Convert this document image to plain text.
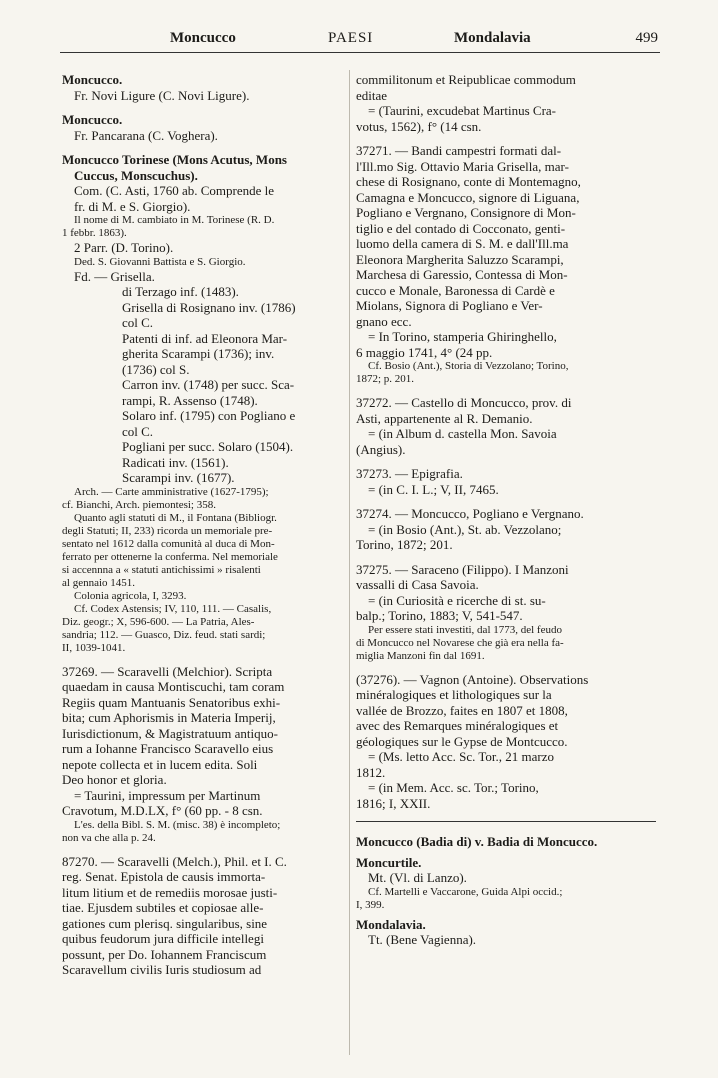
Moncucco	PAESI	Mondalavia	499

Moncucco.

Fr. Novi Ligure (C. Novi Ligure).

Moncucco.

Fr. Pancarana (C. Voghera).

Moncucco Torinese (Mons Acutus, Mons

Cuccus, Monscuchus).

Com. (C. Asti, 1760 ab. Comprende le

fr. di M. e S. Giorgio).

Il nome di M. cambiato in M. Torinese (R. D.

1 febbr. 1863).

2 Parr. (D. Torino).

Ded. S. Giovanni Battista e S. Giorgio.

Fd. — Grisella.

di Terzago inf. (1483).

Grisella di Rosignano inv. (1786)

col C.

Patenti di inf. ad Eleonora Mar-

gherita Scarampi (1736); inv.

(1736) col S.

Carron inv. (1748) per succ. Sca-

rampi, R. Assenso (1748).

Solaro inf. (1795) con Pogliano e

col C.

Pogliani per succ. Solaro (1504).

Radicati inv. (1561).

Scarampi inv. (1677).

Arch. — Carte amministrative (1627-1795);

cf. Bianchi, Arch. piemontesi; 358.

Quanto agli statuti di M., il Fontana (Bibliogr.

degli Statuti; II, 233) ricorda un memoriale pre-

sentato nel 1612 dalla comunità al duca di Mon-

ferrato per ottenerne la conferma. Nel memoriale

si accennna a « statuti antichissimi » risalenti

al gennaio 1451.

Colonia agricola, I, 3293.

Cf. Codex Astensis; IV, 110, 111. — Casalis,

Diz. geogr.; X, 596-600. — La Patria, Ales-

sandria; 112. — Guasco, Diz. feud. stati sardi;

II, 1039-1041.

37269. — Scaravelli (Melchior). Scripta

quaedam in causa Montiscuchi, tam coram

Regiis quam Mantuanis Senatoribus exhi-

bita; cum Aphorismis in Materia Imperij,

Iurisdictionum, & Magistratuum antiquo-

rum a Iohanne Francisco Scaravello eius

nepote collecta et in lucem edita. Soli

Deo honor et gloria.

= Taurini, impressum per Martinum

Cravotum, M.D.LX, f° (60 pp. - 8 csn.

L'es. della Bibl. S. M. (misc. 38) è incompleto;

non va che alla p. 24.

87270. — Scaravelli (Melch.), Phil. et I. C.

reg. Senat. Epistola de causis immorta-

litum litium et de remediis morosae justi-

tiae. Ejusdem subtiles et copiosae alle-

gationes cum plerisq. singularibus, sine

quibus feudorum jura difficile intellegi

possunt, per Do. Iohannem Franciscum

Scaravellum civilis Iuris studiosum ad

commilitonum et Reipublicae commodum

editae

= (Taurini, excudebat Martinus Cra-

votus, 1562), f° (14 csn.

37271. — Bandi campestri formati dal-

l'Ill.mo Sig. Ottavio Maria Grisella, mar-

chese di Rosignano, conte di Montemagno,

Camagna e Moncucco, signore di Liguana,

Pogliano e Vergnano, Consignore di Mon-

tiglio e del contado di Cocconato, genti-

luomo della camera di S. M. e dall'Ill.ma

Eleonora Margherita Saluzzo Scarampi,

Marchesa di Garessio, Contessa di Mon-

cucco e Monale, Baronessa di Cardè e

Miolans, Signora di Pogliano e Ver-

gnano ecc.

= In Torino, stamperia Ghiringhello,

6 maggio 1741, 4° (24 pp.

Cf. Bosio (Ant.), Storia di Vezzolano; Torino,

1872; p. 201.

37272. — Castello di Moncucco, prov. di

Asti, appartenente al R. Demanio.

= (in Album d. castella Mon. Savoia

(Angius).

37273. — Epigrafia.

= (in C. I. L.; V, II, 7465.

37274. — Moncucco, Pogliano e Vergnano.

= (in Bosio (Ant.), St. ab. Vezzolano;

Torino, 1872; 201.

37275. — Saraceno (Filippo). I Manzoni

vassalli di Casa Savoia.

= (in Curiosità e ricerche di st. su-

balp.; Torino, 1883; V, 541-547.

Per essere stati investiti, dal 1773, del feudo

di Moncucco nel Novarese che già era nella fa-

miglia Manzoni fin dal 1691.

(37276). — Vagnon (Antoine). Observations

minéralogiques et lithologiques sur la

vallée de Brozzo, faites en 1807 et 1808,

avec des Remarques minéralogiques et

géologiques sur le Gypse de Montcucco.

= (Ms. letto Acc. Sc. Tor., 21 marzo

1812.

= (in Mem. Acc. sc. Tor.; Torino,

1816; I, XXII.

Moncucco (Badia di) v. Badia di Moncucco.

Moncurtile.

Mt. (Vl. di Lanzo).

Cf. Martelli e Vaccarone, Guida Alpi occid.;

I, 399.

Mondalavia.

Tt. (Bene Vagienna).
